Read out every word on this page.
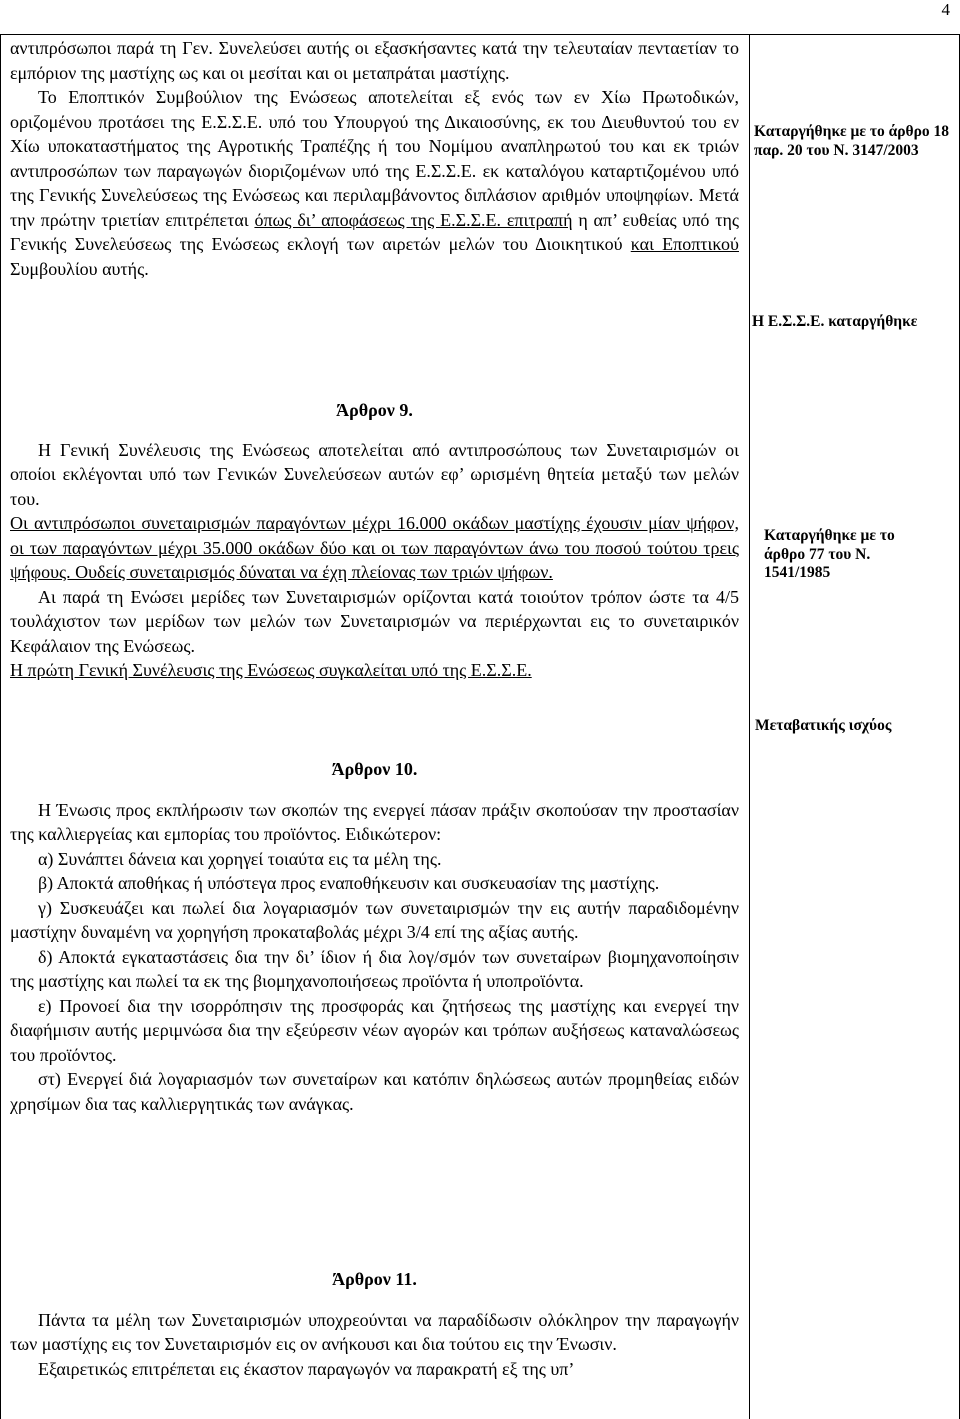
4

αντιπρόσωποι παρά τη Γεν. Συνελεύσει αυτής οι εξασκήσαντες κατά την τελευταίαν πενταετίαν το εμπόριον της μαστίχης ως και οι μεσίται και οι μεταπράται μαστίχης.

Το Εποπτικόν Συμβούλιον της Ενώσεως αποτελείται εξ ενός των εν Χίω Πρωτοδικών, οριζομένου προτάσει της Ε.Σ.Σ.Ε. υπό του Υπουργού της Δικαιοσύνης, εκ του Διευθυντού του εν Χίω υποκαταστήματος της Αγροτικής Τραπέζης ή του Νομίμου αναπληρωτού του και εκ τριών αντιπροσώπων των παραγωγών διοριζομένων υπό της Ε.Σ.Σ.Ε. εκ καταλόγου καταρτιζομένου υπό της Γενικής Συνελεύσεως της Ενώσεως και περιλαμβάνοντος διπλάσιον αριθμόν υποψηφίων. Μετά την πρώτην τριετίαν επιτρέπεται όπως δι’ αποφάσεως της Ε.Σ.Σ.Ε. επιτραπή η απ’ ευθείας υπό της Γενικής Συνελεύσεως της Ενώσεως εκλογή των αιρετών μελών του Διοικητικού και Εποπτικού Συμβουλίου αυτής.

Άρθρον 9.

Η Γενική Συνέλευσις της Ενώσεως αποτελείται από αντιπροσώπους των Συνεταιρισμών οι οποίοι εκλέγονται υπό των Γενικών Συνελεύσεων αυτών εφ’ ωρισμένη θητεία μεταξύ των μελών του.

Οι αντιπρόσωποι συνεταιρισμών παραγόντων μέχρι 16.000 οκάδων μαστίχης έχουσιν μίαν ψήφον, οι των παραγόντων μέχρι 35.000 οκάδων δύο και οι των παραγόντων άνω του ποσού τούτου τρεις ψήφους. Ουδείς συνεταιρισμός δύναται να έχη πλείονας των τριών ψήφων.

Αι παρά τη Ενώσει μερίδες των Συνεταιρισμών ορίζονται κατά τοιούτον τρόπον ώστε τα 4/5 τουλάχιστον των μερίδων των μελών των Συνεταιρισμών να περιέρχωνται εις το συνεταιρικόν Κεφάλαιον της Ενώσεως.

Η πρώτη Γενική Συνέλευσις της Ενώσεως συγκαλείται υπό της Ε.Σ.Σ.Ε.

Άρθρον 10.

Η Ένωσις προς εκπλήρωσιν των σκοπών της ενεργεί πάσαν πράξιν σκοπούσαν την προστασίαν της καλλιεργείας και εμπορίας του προϊόντος. Ειδικώτερον:

α) Συνάπτει δάνεια και χορηγεί τοιαύτα εις τα μέλη της.

β) Αποκτά αποθήκας ή υπόστεγα προς εναποθήκευσιν και συσκευασίαν της μαστίχης.

γ) Συσκευάζει και πωλεί δια λογαριασμόν των συνεταιρισμών την εις αυτήν παραδιδομένην μαστίχην δυναμένη να χορηγήση προκαταβολάς μέχρι 3/4 επί της αξίας αυτής.

δ) Αποκτά εγκαταστάσεις δια την δι’ ίδιον ή δια λογ/σμόν των συνεταίρων βιομηχανοποίησιν της μαστίχης και πωλεί τα εκ της βιομηχανοποιήσεως προϊόντα ή υποπροϊόντα.

ε) Προνοεί δια την ισορρόπησιν της προσφοράς και ζητήσεως της μαστίχης και ενεργεί την διαφήμισιν αυτής μεριμνώσα δια την εξεύρεσιν νέων αγορών και τρόπων αυξήσεως καταναλώσεως του προϊόντος.

στ) Ενεργεί διά λογαριασμόν των συνεταίρων και κατόπιν δηλώσεως αυτών προμηθείας ειδών χρησίμων δια τας καλλιεργητικάς των ανάγκας.

Άρθρον 11.

Πάντα τα μέλη των Συνεταιρισμών υποχρεούνται να παραδίδωσιν ολόκληρον την παραγωγήν των μαστίχης εις τον Συνεταιρισμόν εις ον ανήκουσι και δια τούτου εις την Ένωσιν.

Εξαιρετικώς επιτρέπεται εις έκαστον παραγωγόν να παρακρατή εξ της υπ’

Καταργήθηκε με το άρθρο 18 παρ. 20 του Ν. 3147/2003
Η Ε.Σ.Σ.Ε. καταργήθηκε
Καταργήθηκε με το άρθρο 77 του Ν. 1541/1985
Μεταβατικής ισχύος
